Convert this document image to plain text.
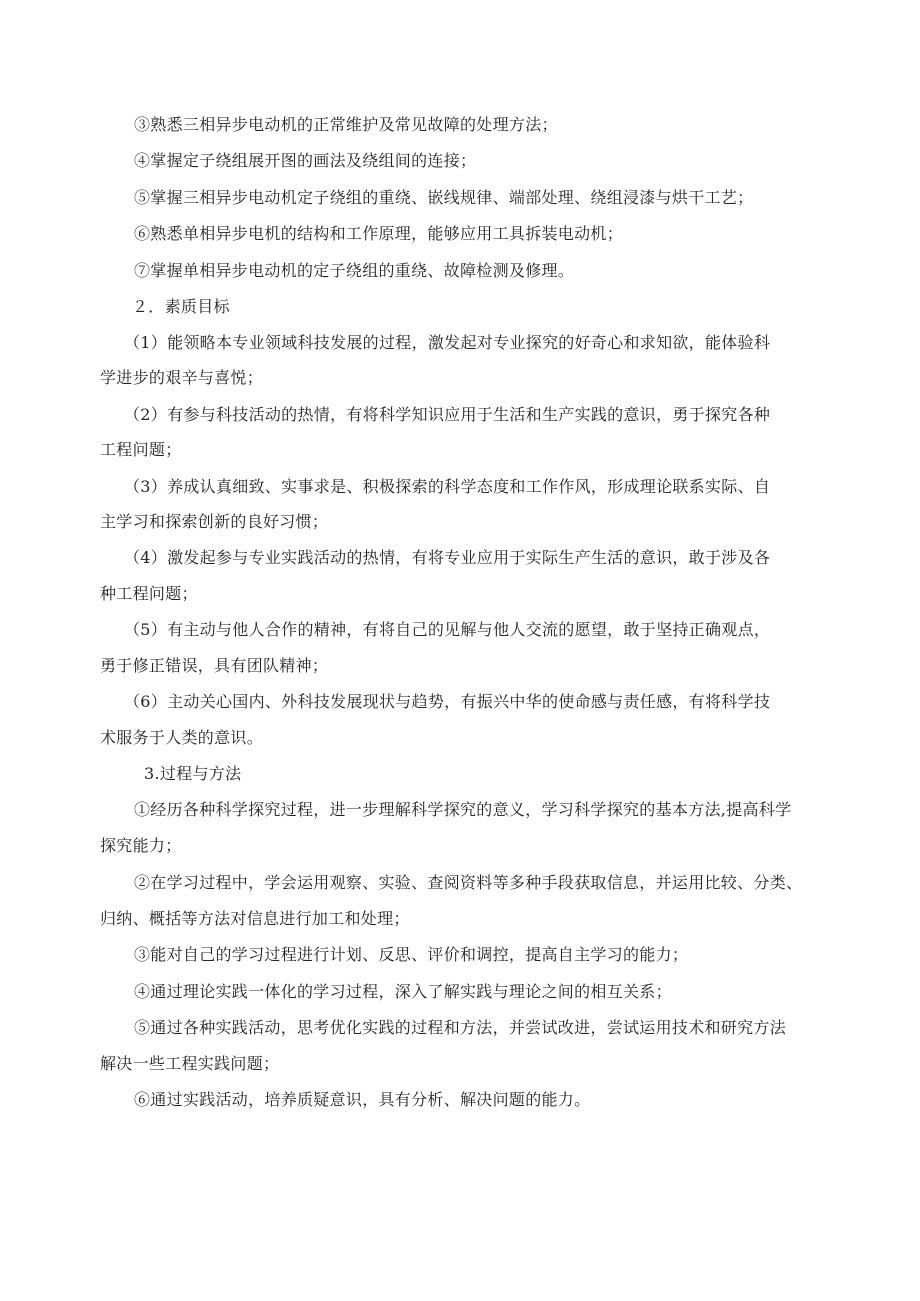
③熟悉三相异步电动机的正常维护及常见故障的处理方法；
④掌握定子绕组展开图的画法及绕组间的连接；
⑤掌握三相异步电动机定子绕组的重绕、嵌线规律、端部处理、绕组浸漆与烘干工艺；
⑥熟悉单相异步电机的结构和工作原理，能够应用工具拆装电动机；
⑦掌握单相异步电动机的定子绕组的重绕、故障检测及修理。
２．素质目标
（1）能领略本专业领域科技发展的过程，激发起对专业探究的好奇心和求知欲，能体验科
学进步的艰辛与喜悦；
（2）有参与科技活动的热情，有将科学知识应用于生活和生产实践的意识，勇于探究各种
工程问题；
（3）养成认真细致、实事求是、积极探索的科学态度和工作作风，形成理论联系实际、自
主学习和探索创新的良好习惯；
（4）激发起参与专业实践活动的热情，有将专业应用于实际生产生活的意识，敢于涉及各
种工程问题；
（5）有主动与他人合作的精神，有将自己的见解与他人交流的愿望，敢于坚持正确观点，
勇于修正错误，具有团队精神；
（6）主动关心国内、外科技发展现状与趋势，有振兴中华的使命感与责任感，有将科学技
术服务于人类的意识。
3.过程与方法
①经历各种科学探究过程，进一步理解科学探究的意义，学习科学探究的基本方法,提高科学
探究能力；
②在学习过程中，学会运用观察、实验、查阅资料等多种手段获取信息，并运用比较、分类、
归纳、概括等方法对信息进行加工和处理；
③能对自己的学习过程进行计划、反思、评价和调控，提高自主学习的能力；
④通过理论实践一体化的学习过程，深入了解实践与理论之间的相互关系；
⑤通过各种实践活动，思考优化实践的过程和方法，并尝试改进，尝试运用技术和研究方法
解决一些工程实践问题；
⑥通过实践活动，培养质疑意识，具有分析、解决问题的能力。
